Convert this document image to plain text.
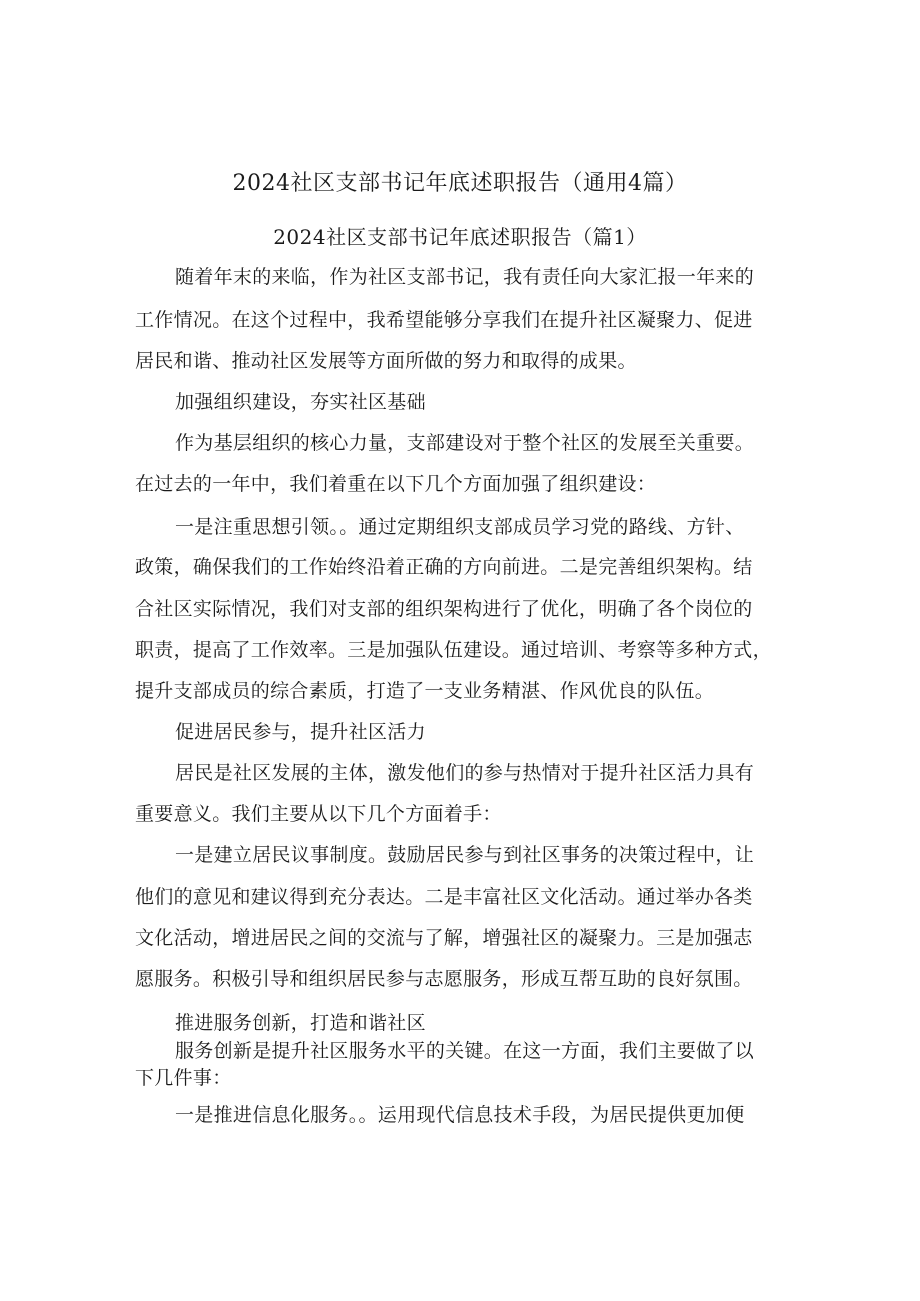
2024社区支部书记年底述职报告（通用4篇）
2024社区支部书记年底述职报告（篇1）
随着年末的来临，作为社区支部书记，我有责任向大家汇报一年来的
工作情况。在这个过程中，我希望能够分享我们在提升社区凝聚力、促进
居民和谐、推动社区发展等方面所做的努力和取得的成果。
加强组织建设，夯实社区基础
作为基层组织的核心力量，支部建设对于整个社区的发展至关重要。
在过去的一年中，我们着重在以下几个方面加强了组织建设：
一是注重思想引领。。通过定期组织支部成员学习党的路线、方针、
政策，确保我们的工作始终沿着正确的方向前进。二是完善组织架构。结
合社区实际情况，我们对支部的组织架构进行了优化，明确了各个岗位的
职责，提高了工作效率。三是加强队伍建设。通过培训、考察等多种方式，
提升支部成员的综合素质，打造了一支业务精湛、作风优良的队伍。
促进居民参与，提升社区活力
居民是社区发展的主体，激发他们的参与热情对于提升社区活力具有
重要意义。我们主要从以下几个方面着手：
一是建立居民议事制度。鼓励居民参与到社区事务的决策过程中，让
他们的意见和建议得到充分表达。二是丰富社区文化活动。通过举办各类
文化活动，增进居民之间的交流与了解，增强社区的凝聚力。三是加强志
愿服务。积极引导和组织居民参与志愿服务，形成互帮互助的良好氛围。
推进服务创新，打造和谐社区
服务创新是提升社区服务水平的关键。在这一方面，我们主要做了以
下几件事：
一是推进信息化服务。。运用现代信息技术手段，为居民提供更加便
